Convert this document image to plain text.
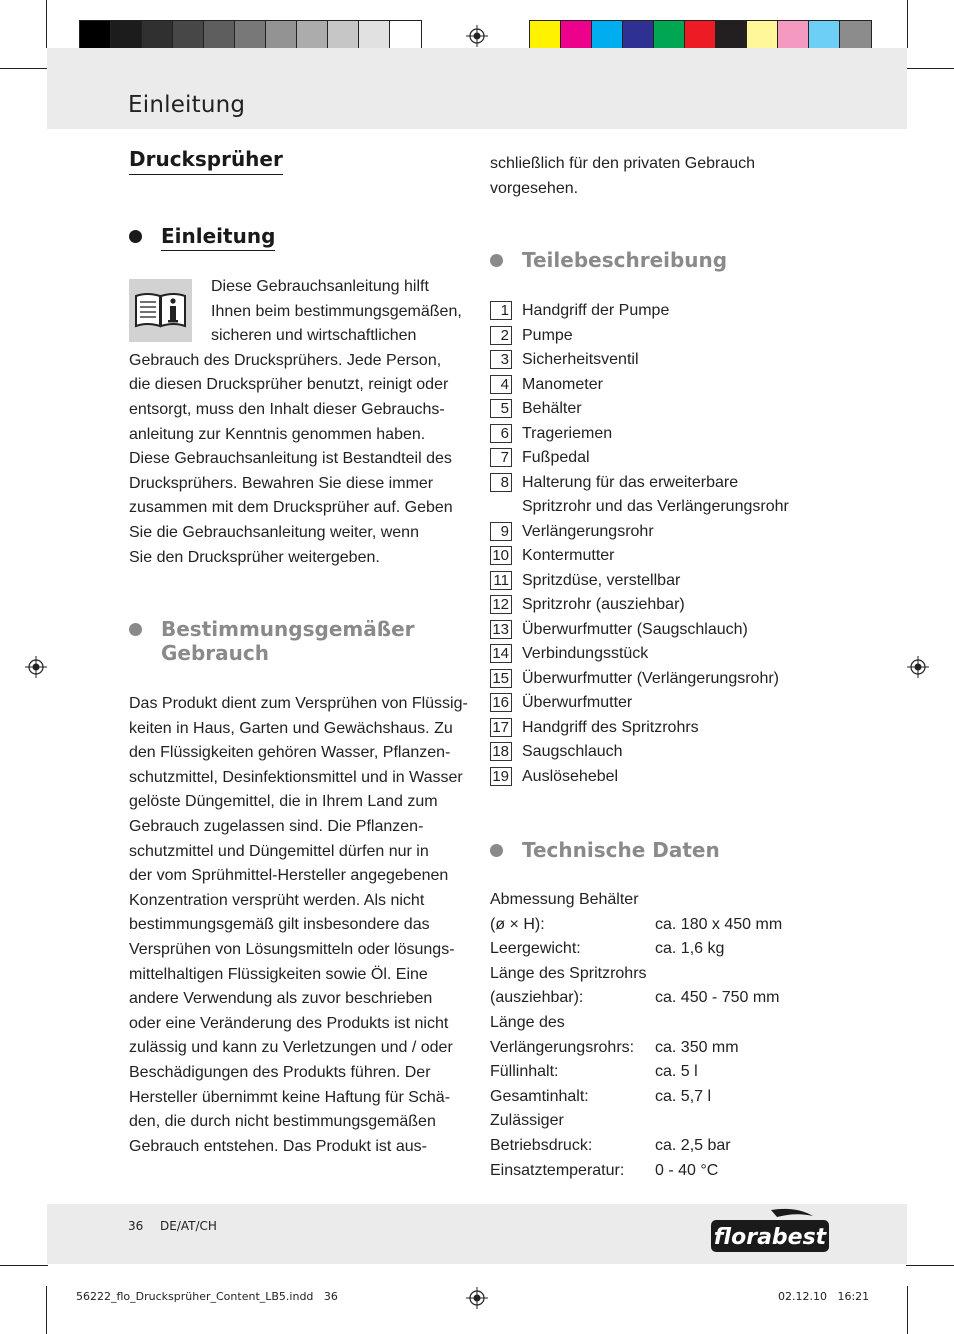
Einleitung
Drucksprüher
Einleitung
Diese Gebrauchsanleitung hilft
Ihnen beim bestimmungsgemäßen,
sicheren und wirtschaftlichen
Gebrauch des Drucksprühers. Jede Person,
die diesen Drucksprüher benutzt, reinigt oder
entsorgt, muss den Inhalt dieser Gebrauchs-
anleitung zur Kenntnis genommen haben.
Diese Gebrauchsanleitung ist Bestandteil des
Drucksprühers. Bewahren Sie diese immer
zusammen mit dem Drucksprüher auf. Geben
Sie die Gebrauchsanleitung weiter, wenn
Sie den Drucksprüher weitergeben.
Bestimmungsgemäßer
Gebrauch
Das Produkt dient zum Versprühen von Flüssig-
keiten in Haus, Garten und Gewächshaus. Zu
den Flüssigkeiten gehören Wasser, Pflanzen-
schutzmittel, Desinfektionsmittel und in Wasser
gelöste Düngemittel, die in Ihrem Land zum
Gebrauch zugelassen sind. Die Pflanzen-
schutzmittel und Düngemittel dürfen nur in
der vom Sprühmittel-Hersteller angegebenen
Konzentration versprüht werden. Als nicht
bestimmungsgemäß gilt insbesondere das
Versprühen von Lösungsmitteln oder lösungs-
mittelhaltigen Flüssigkeiten sowie Öl. Eine
andere Verwendung als zuvor beschrieben
oder eine Veränderung des Produkts ist nicht
zulässig und kann zu Verletzungen und / oder
Beschädigungen des Produkts führen. Der
Hersteller übernimmt keine Haftung für Schä-
den, die durch nicht bestimmungsgemäßen
Gebrauch entstehen. Das Produkt ist aus-
schließlich für den privaten Gebrauch
vorgesehen.
Teilebeschreibung
1 Handgriff der Pumpe
2 Pumpe
3 Sicherheitsventil
4 Manometer
5 Behälter
6 Trageriemen
7 Fußpedal
8 Halterung für das erweiterbare
Spritzrohr und das Verlängerungsrohr
9 Verlängerungsrohr
10 Kontermutter
11 Spritzdüse, verstellbar
12 Spritzrohr (ausziehbar)
13 Überwurfmutter (Saugschlauch)
14 Verbindungsstück
15 Überwurfmutter (Verlängerungsrohr)
16 Überwurfmutter
17 Handgriff des Spritzrohrs
18 Saugschlauch
19 Auslösehebel
Technische Daten
Abmessung Behälter
(ø × H):	ca. 180 x 450 mm
Leergewicht:	ca. 1,6 kg
Länge des Spritzrohrs
(ausziehbar):	ca. 450 - 750 mm
Länge des
Verlängerungsrohrs: ca. 350 mm
Füllinhalt:	ca. 5 l
Gesamtinhalt:	ca. 5,7 l
Zulässiger
Betriebsdruck:	ca. 2,5 bar
Einsatztemperatur: 0 - 40 °C
36 DE/AT/CH	florabest
56222_flo_Drucksprüher_Content_LB5.indd   36	02.12.10   16:21
